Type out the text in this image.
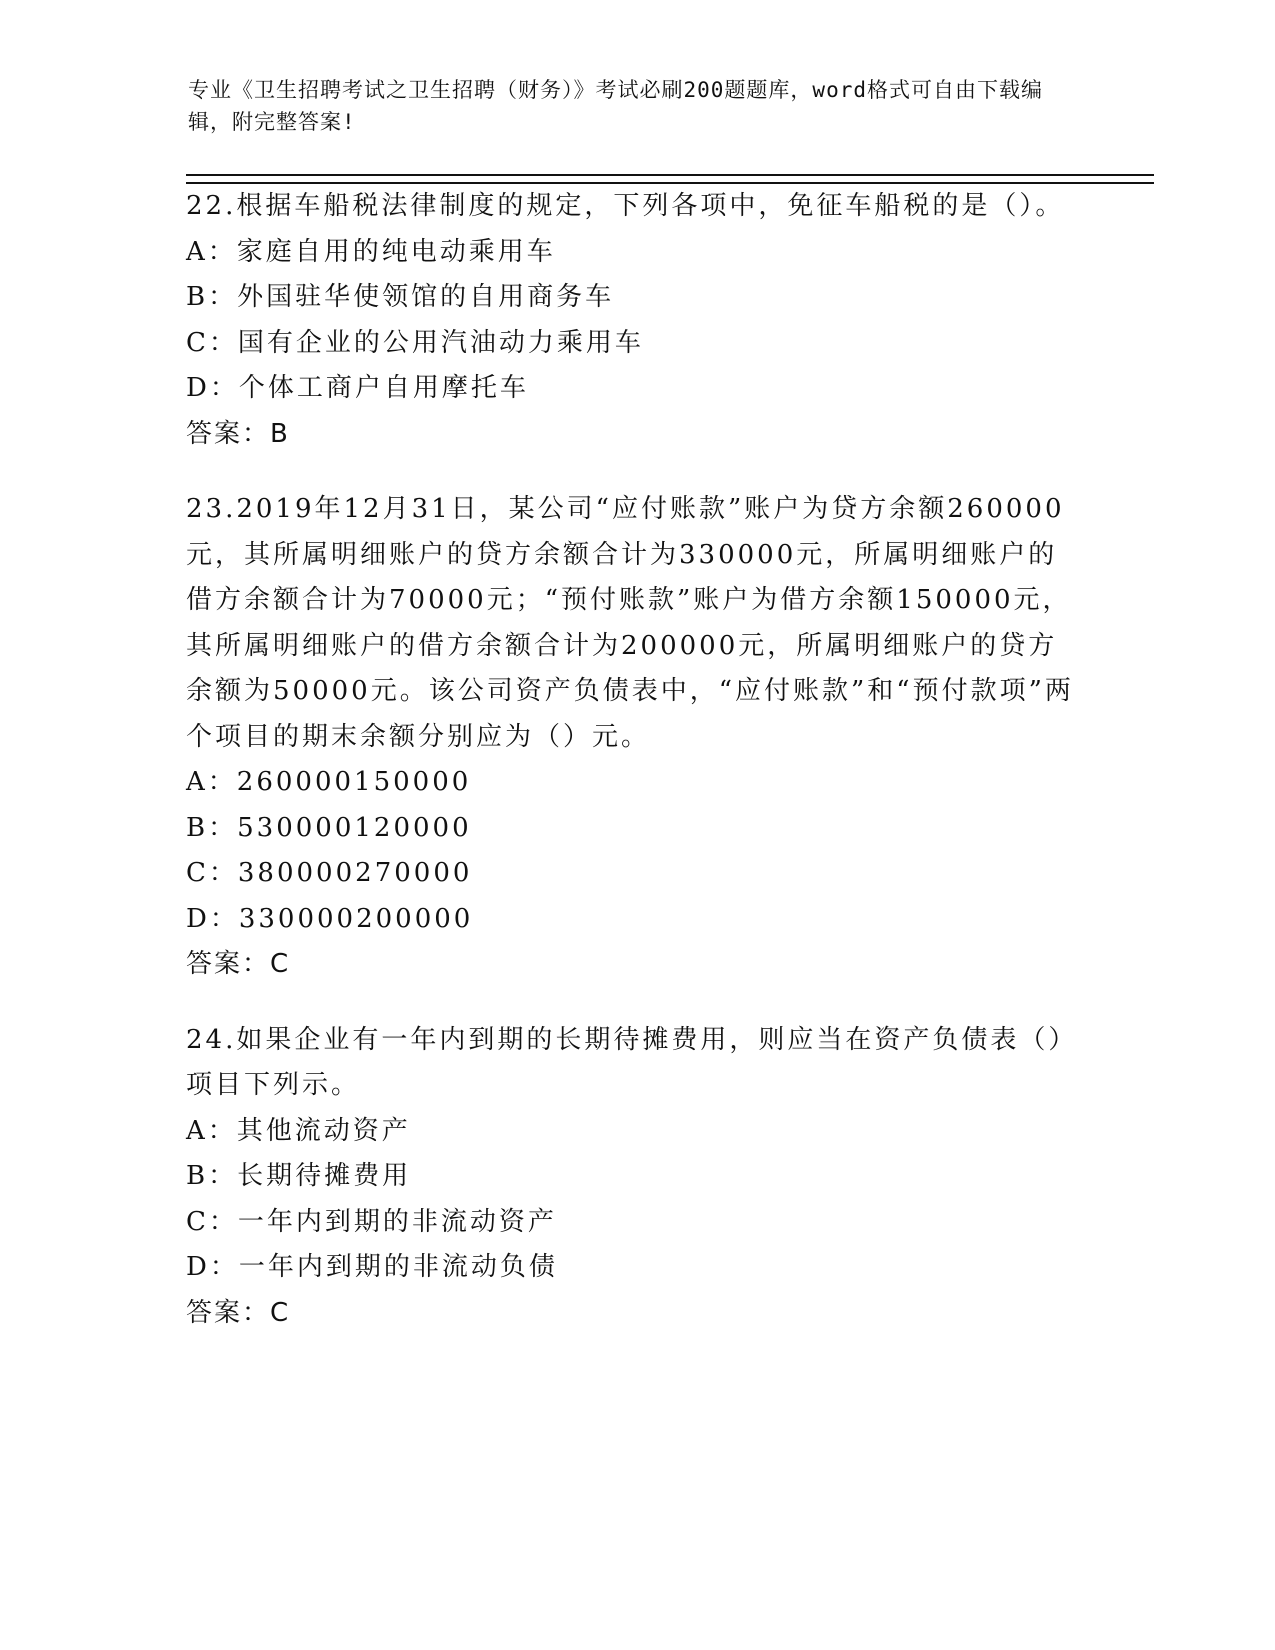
专业《卫生招聘考试之卫生招聘（财务）》考试必刷200题题库，word格式可自由下载编辑，附完整答案!

22.根据车船税法律制度的规定，下列各项中，免征车船税的是（）。

A：家庭自用的纯电动乘用车

B：外国驻华使领馆的自用商务车

C：国有企业的公用汽油动力乘用车

D：个体工商户自用摩托车

答案：B

23.2019年12月31日，某公司“应付账款”账户为贷方余额260000元，其所属明细账户的贷方余额合计为330000元，所属明细账户的借方余额合计为70000元；“预付账款”账户为借方余额150000元，其所属明细账户的借方余额合计为200000元，所属明细账户的贷方余额为50000元。该公司资产负债表中，“应付账款”和“预付款项”两个项目的期末余额分别应为（）元。

A：260000150000

B：530000120000

C：380000270000

D：330000200000

答案：C

24.如果企业有一年内到期的长期待摊费用，则应当在资产负债表（）项目下列示。

A：其他流动资产

B：长期待摊费用

C：一年内到期的非流动资产

D：一年内到期的非流动负债

答案：C
